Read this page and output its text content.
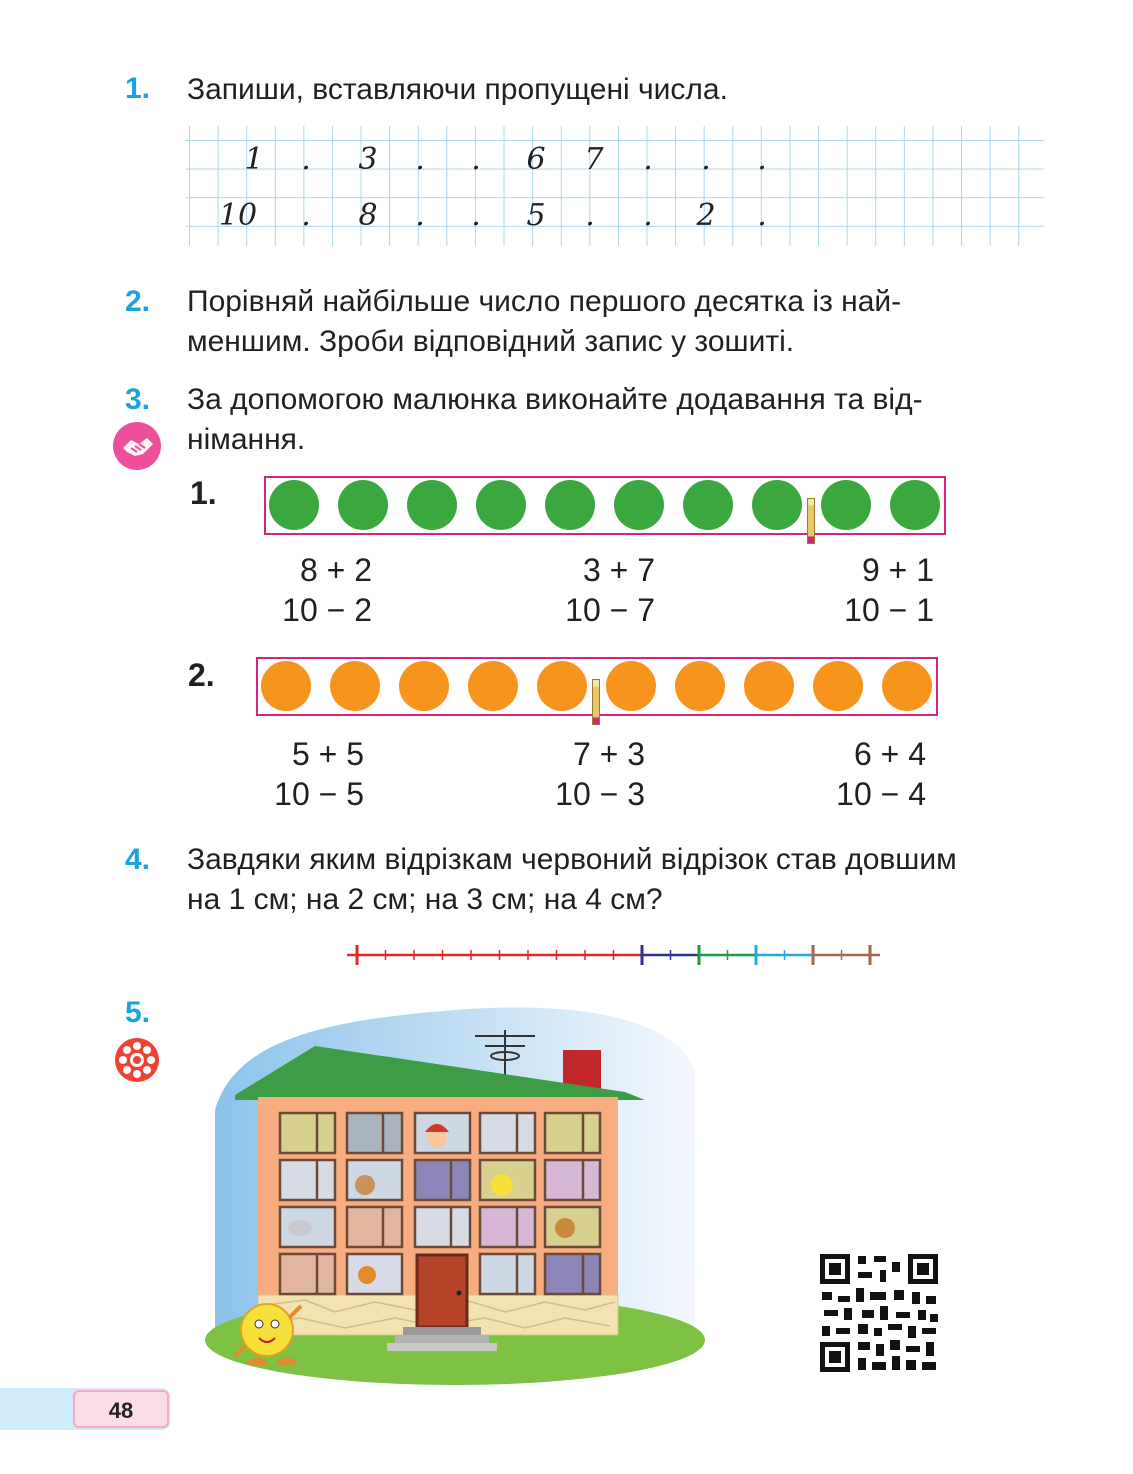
1. Запиши, вставляючи пропущені числа.
1	.	3	.	.	6	7	.	.	.
10	.	8	.	.	5	.	.	2	.
2. Порівняй найбільше число першого десятка із най-
меншим. Зроби відповідний запис у зошиті.
3. За допомогою малюнка виконайте додавання та від-
німання.
1.
8 + 2
10 − 2
3 + 7
10 − 7
9 + 1
10 − 1
2.
5 + 5
10 − 5
7 + 3
10 − 3
6 + 4
10 − 4
4. Завдяки яким відрізкам червоний відрізок став довшим
на 1 см; на 2 см; на 3 см; на 4 см?
5.
48
